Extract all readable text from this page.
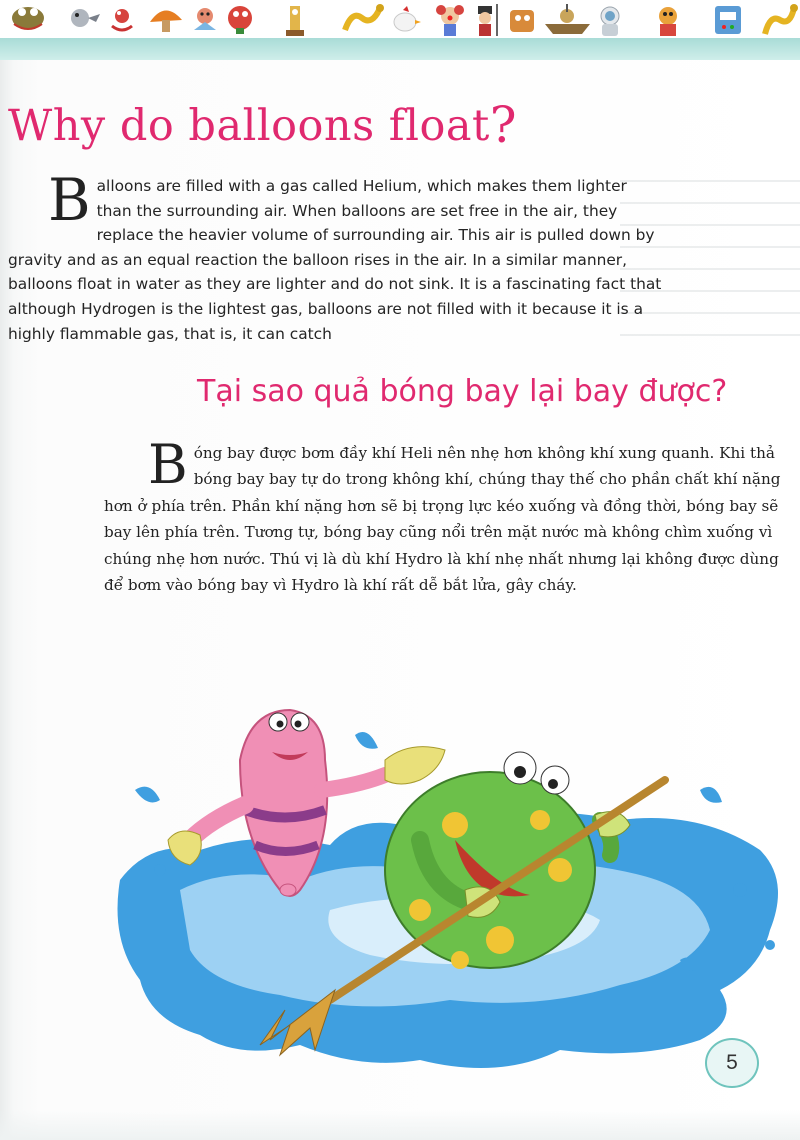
Why do balloons float?

Balloons are filled with a gas called Helium, which makes them lighter than the surrounding air. When balloons are set free in the air, they replace the heavier volume of surrounding air. This air is pulled down by gravity and as an equal reaction the balloon rises in the air. In a similar manner, balloons float in water as they are lighter and do not sink. It is a fascinating fact that although Hydrogen is the lightest gas, balloons are not filled with it because it is a highly flammable gas, that is, it can catch

Tại sao quả bóng bay lại bay được?

Bóng bay được bơm đầy khí Heli nên nhẹ hơn không khí xung quanh. Khi thả bóng bay bay tự do trong không khí, chúng thay thế cho phần chất khí nặng hơn ở phía trên. Phần khí nặng hơn sẽ bị trọng lực kéo xuống và đồng thời, bóng bay sẽ bay lên phía trên. Tương tự, bóng bay cũng nổi trên mặt nước mà không chìm xuống vì chúng nhẹ hơn nước. Thú vị là dù khí Hydro là khí nhẹ nhất nhưng lại không được dùng để bơm vào bóng bay vì Hydro là khí rất dễ bắt lửa, gây cháy.

5
